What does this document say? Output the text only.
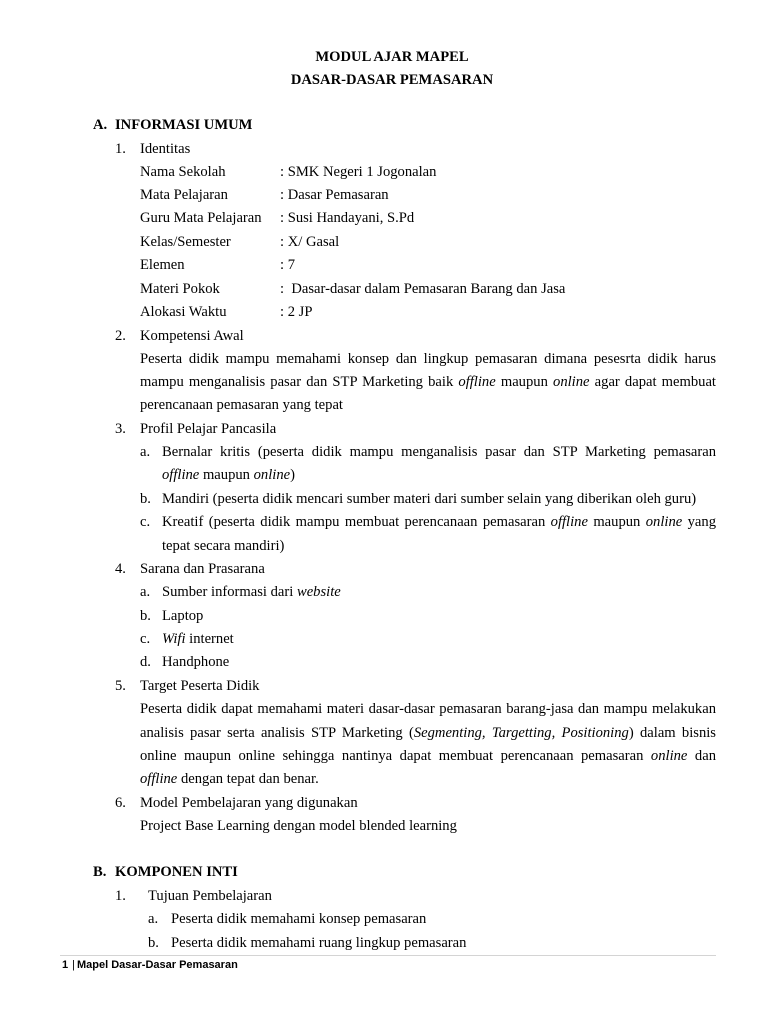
MODUL AJAR MAPEL
DASAR-DASAR PEMASARAN
A. INFORMASI UMUM
1. Identitas
Nama Sekolah	: SMK Negeri 1 Jogonalan
Mata Pelajaran	: Dasar Pemasaran
Guru Mata Pelajaran : Susi Handayani, S.Pd
Kelas/Semester	: X/ Gasal
Elemen	: 7
Materi Pokok	:  Dasar-dasar dalam Pemasaran Barang dan Jasa
Alokasi Waktu	: 2 JP
2. Kompetensi Awal
Peserta didik mampu memahami konsep dan lingkup pemasaran dimana pesesrta didik harus
mampu menganalisis pasar dan STP Marketing baik offline maupun online agar dapat membuat
perencanaan pemasaran yang tepat
3. Profil Pelajar Pancasila
a. Bernalar kritis (peserta didik mampu menganalisis pasar dan STP Marketing pemasaran
offline maupun online)
b. Mandiri (peserta didik mencari sumber materi dari sumber selain yang diberikan oleh guru)
c. Kreatif (peserta didik mampu membuat perencanaan pemasaran offline maupun online yang
tepat secara mandiri)
4. Sarana dan Prasarana
a. Sumber informasi dari website
b. Laptop
c. Wifi internet
d. Handphone
5. Target Peserta Didik
Peserta didik dapat memahami materi dasar-dasar pemasaran barang-jasa dan mampu melakukan
analisis pasar serta analisis STP Marketing (Segmenting, Targetting, Positioning) dalam bisnis
online maupun online sehingga nantinya dapat membuat perencanaan pemasaran online dan
offline dengan tepat dan benar.
6. Model Pembelajaran yang digunakan
Project Base Learning dengan model blended learning
B. KOMPONEN INTI
1. Tujuan Pembelajaran
a. Peserta didik memahami konsep pemasaran
b. Peserta didik memahami ruang lingkup pemasaran
1 | Mapel Dasar-Dasar Pemasaran
